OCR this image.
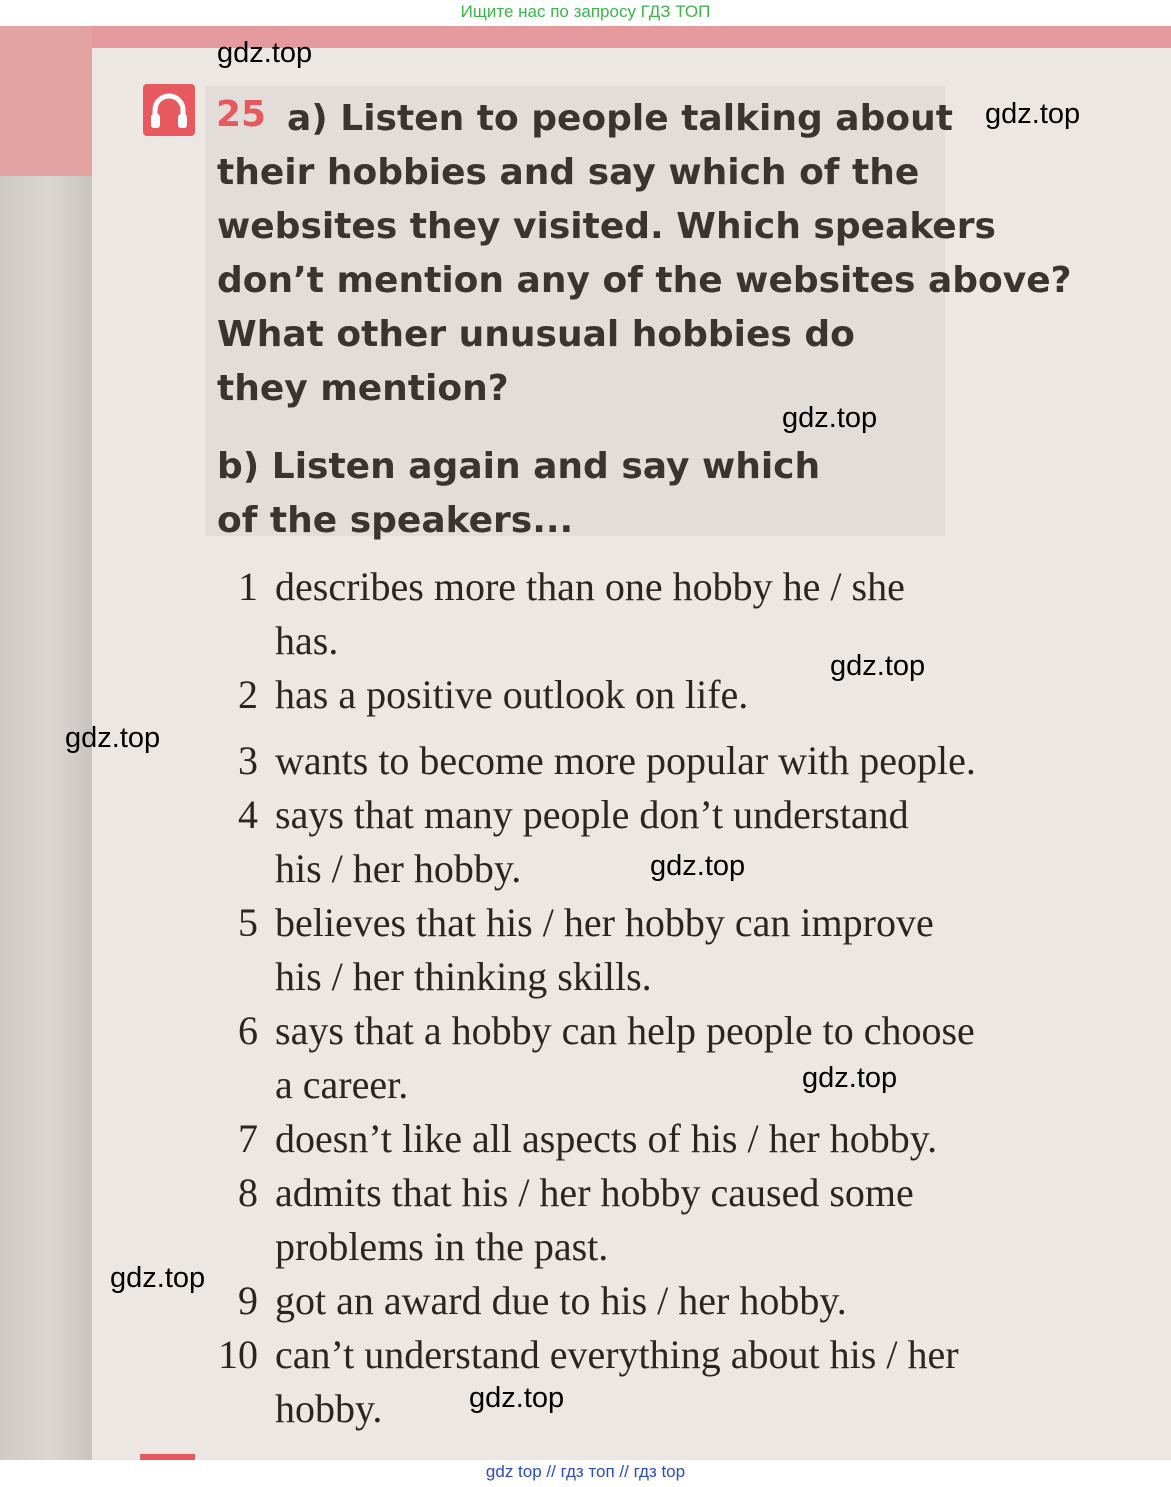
Ищите нас по запросу ГДЗ ТОП
25 a) Listen to people talking about
their hobbies and say which of the
websites they visited. Which speakers
don’t mention any of the websites above?
What other unusual hobbies do
they mention?
b) Listen again and say which
of the speakers...
1 describes more than one hobby he / she
has.
2 has a positive outlook on life.
3 wants to become more popular with people.
4 says that many people don’t understand
his / her hobby.
5 believes that his / her hobby can improve
his / her thinking skills.
6 says that a hobby can help people to choose
a career.
7 doesn’t like all aspects of his / her hobby.
8 admits that his / her hobby caused some
problems in the past.
9 got an award due to his / her hobby.
10 can’t understand everything about his / her
hobby.
gdz.top
gdz.top
gdz.top
gdz.top
gdz.top
gdz.top
gdz.top
gdz.top
gdz.top
gdz top // гдз топ // гдз top
